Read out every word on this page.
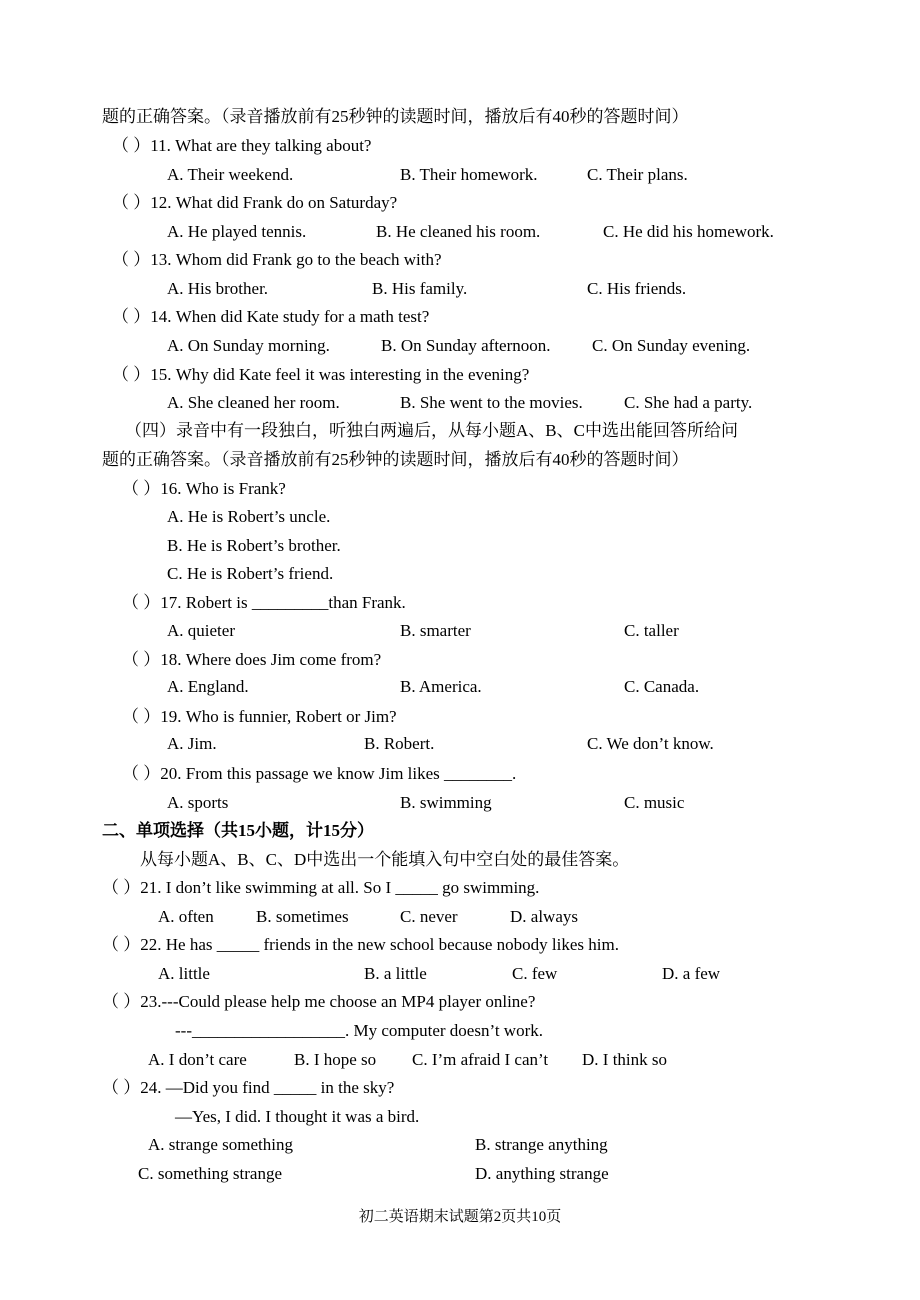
题的正确答案。（录音播放前有25秒钟的读题时间，播放后有40秒的答题时间）
（ ）11. What are they talking about?
A. Their weekend.	B. Their homework.	C. Their plans.
（ ）12. What did Frank do on Saturday?
A. He played tennis.	B. He cleaned his room.	C. He did his homework.
（ ）13. Whom did Frank go to the beach with?
A. His brother.	B. His family.	C. His friends.
（ ）14. When did Kate study for a math test?
A. On Sunday morning.	B. On Sunday afternoon. C. On Sunday evening.
（ ）15. Why did Kate feel it was interesting in the evening?
A. She cleaned her room.	B. She went to the movies. C. She had a party.
（四）录音中有一段独白，听独白两遍后，从每小题A、B、C中选出能回答所给问
题的正确答案。（录音播放前有25秒钟的读题时间，播放后有40秒的答题时间）
（ ）16. Who is Frank?
A. He is Robert’s uncle.
B. He is Robert’s brother.
C. He is Robert’s friend.
（ ）17. Robert is _________than Frank.
A. quieter	B. smarter	C. taller
（ ）18. Where does Jim come from?
A. England.	B. America.	C. Canada.
（ ）19. Who is funnier, Robert or Jim?
A. Jim.	B. Robert.	C. We don’t know.
（ ）20. From this passage we know Jim likes ________.
A. sports	B. swimming	C. music
二、单项选择（共15小题，计15分）
从每小题A、B、C、D中选出一个能填入句中空白处的最佳答案。
（ ）21. I don’t like swimming at all. So I _____ go swimming.
A. often B. sometimes	C. never	D. always
（ ）22. He has _____ friends in the new school because nobody likes him.
A. little	B. a little	C. few	D. a few
（ ）23.---Could please help me choose an MP4 player online?
---__________________. My computer doesn’t work.
A. I don’t care	B. I hope so C. I’m afraid I can’t D. I think so
（ ）24. —Did you find _____ in the sky?
—Yes, I did. I thought it was a bird.
A. strange something	B. strange anything
C. something strange	D. anything strange
初二英语期末试题第2页共10页
